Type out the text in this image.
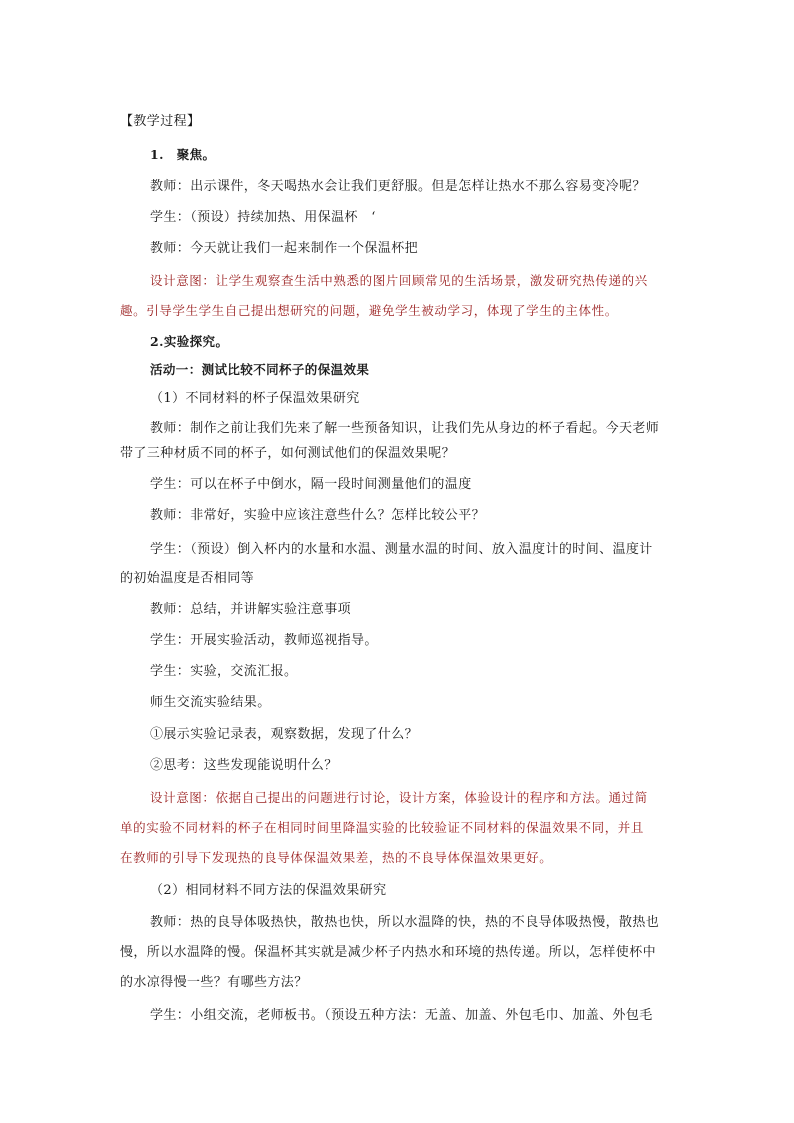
【教学过程】

1.　聚焦。

教师：出示课件，冬天喝热水会让我们更舒服。但是怎样让热水不那么容易变冷呢？

学生：（预设）持续加热、用保温杯　‘

教师：今天就让我们一起来制作一个保温杯把

设计意图：让学生观察查生活中熟悉的图片回顾常见的生活场景，激发研究热传递的兴

趣。引导学生学生自己提出想研究的问题，避免学生被动学习，体现了学生的主体性。

2.实验探究。

活动一：测试比较不同杯子的保温效果

（1）不同材料的杯子保温效果研究

教师：制作之前让我们先来了解一些预备知识，让我们先从身边的杯子看起。今天老师

带了三种材质不同的杯子，如何测试他们的保温效果呢？

学生：可以在杯子中倒水，隔一段时间测量他们的温度

教师：非常好，实验中应该注意些什么？怎样比较公平？

学生：（预设）倒入杯内的水量和水温、测量水温的时间、放入温度计的时间、温度计

的初始温度是否相同等

教师：总结，并讲解实验注意事项

学生：开展实验活动，教师巡视指导。

学生：实验，交流汇报。

师生交流实验结果。

①展示实验记录表，观察数据，发现了什么？

②思考：这些发现能说明什么？

设计意图：依据自己提出的问题进行讨论，设计方案，体验设计的程序和方法。通过简

单的实验不同材料的杯子在相同时间里降温实验的比较验证不同材料的保温效果不同，并且

在教师的引导下发现热的良导体保温效果差，热的不良导体保温效果更好。

（2）相同材料不同方法的保温效果研究

教师：热的良导体吸热快，散热也快，所以水温降的快，热的不良导体吸热慢，散热也

慢，所以水温降的慢。保温杯其实就是减少杯子内热水和环境的热传递。所以，怎样使杯中

的水凉得慢一些？有哪些方法？

学生：小组交流，老师板书。（预设五种方法：无盖、加盖、外包毛巾、加盖、外包毛
